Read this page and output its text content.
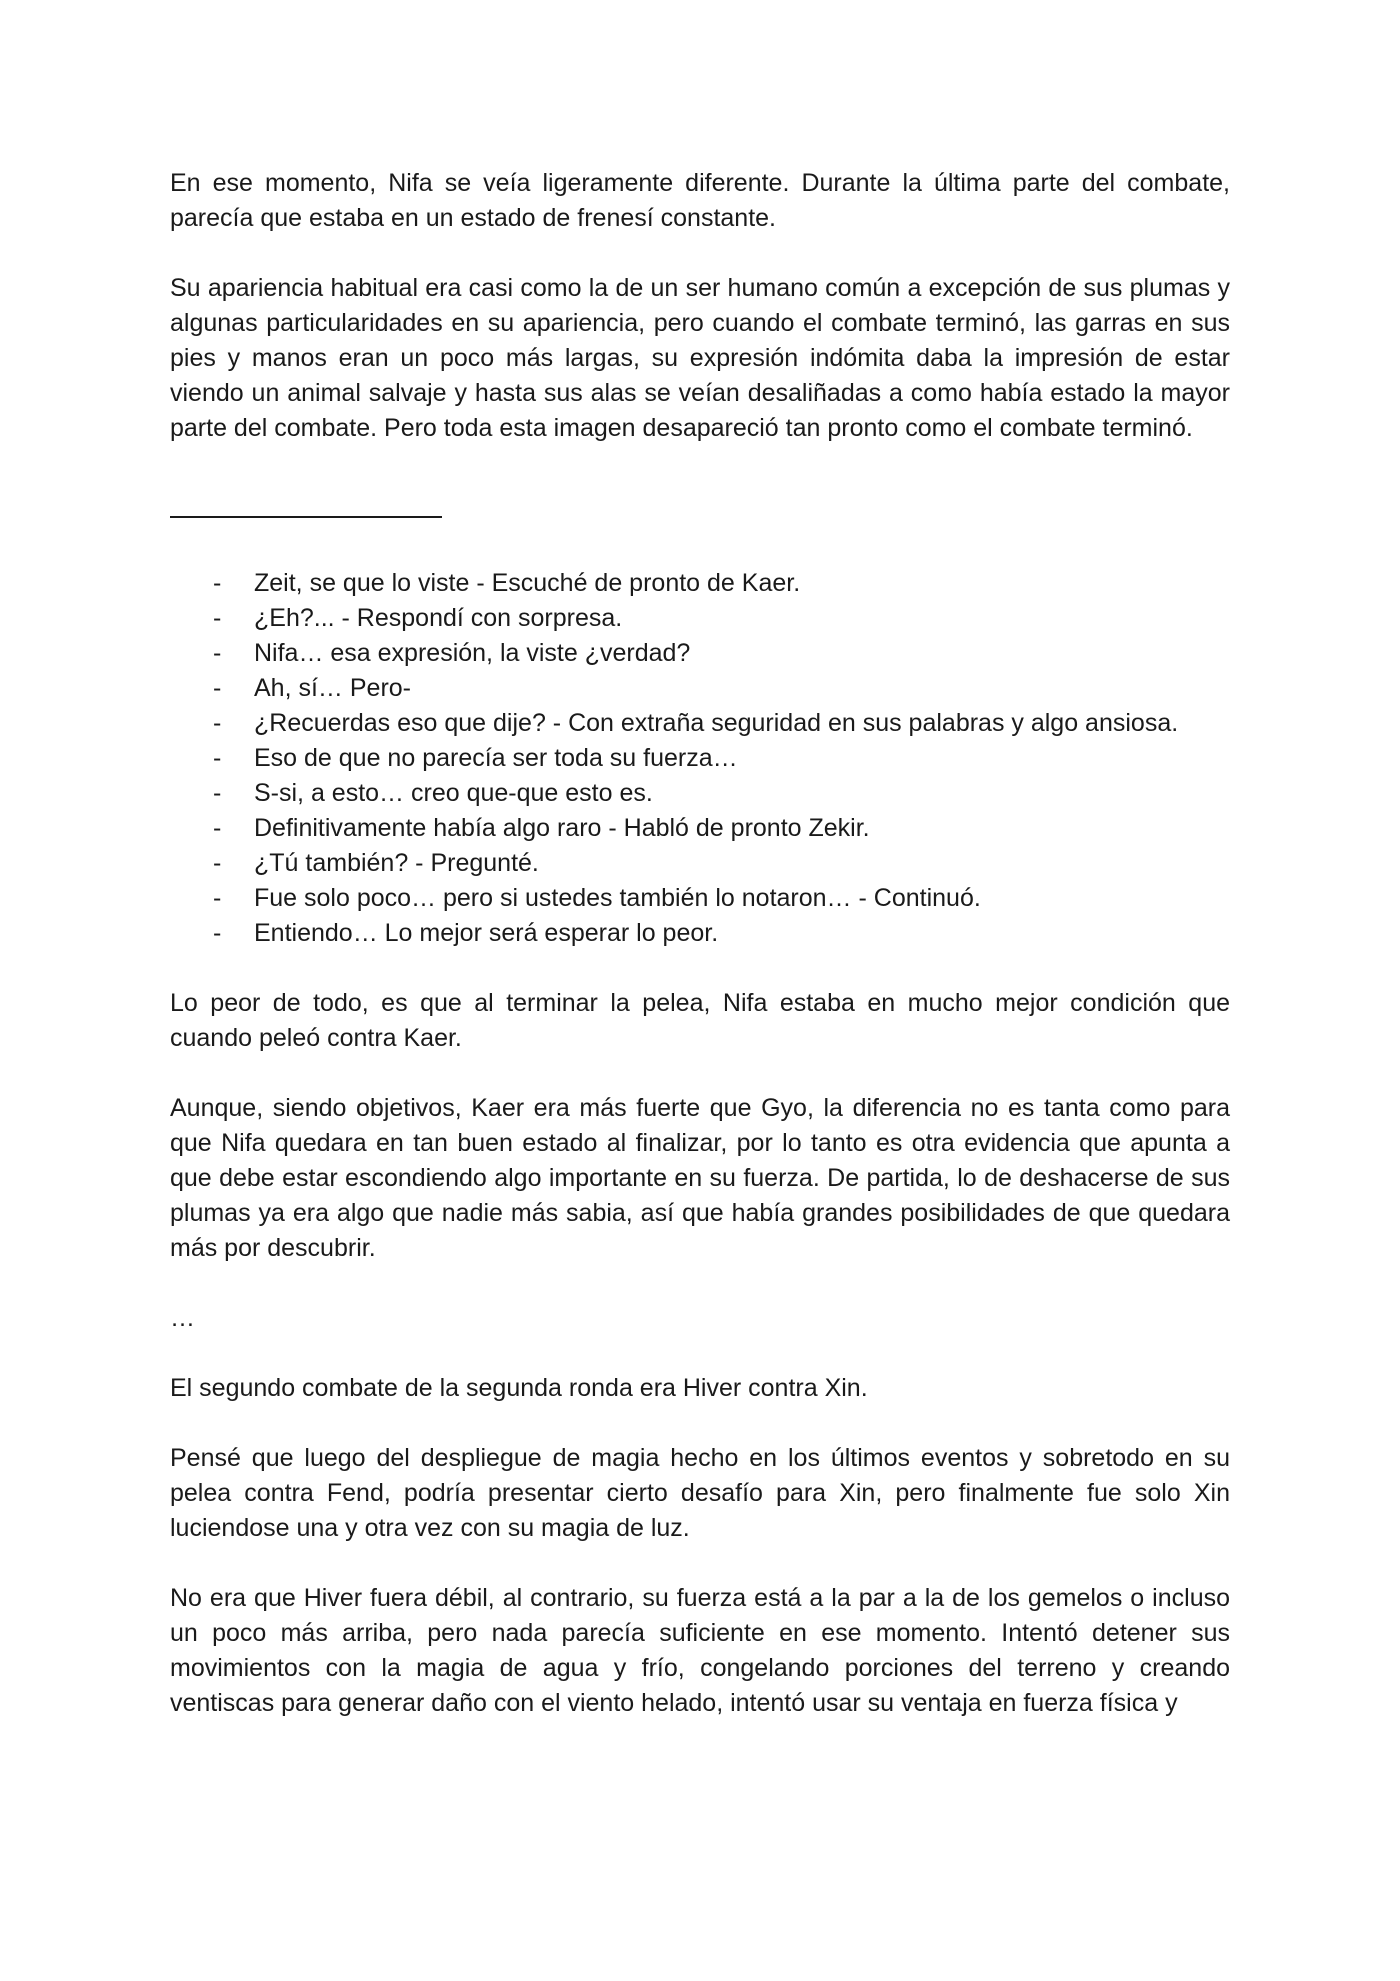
En ese momento, Nifa se veía ligeramente diferente. Durante la última parte del combate, parecía que estaba en un estado de frenesí constante.

Su apariencia habitual era casi como la de un ser humano común a excepción de sus plumas y algunas particularidades en su apariencia, pero cuando el combate terminó, las garras en sus pies y manos eran un poco más largas, su expresión indómita daba la impresión de estar viendo un animal salvaje y hasta sus alas se veían desaliñadas a como había estado la mayor parte del combate. Pero toda esta imagen desapareció tan pronto como el combate terminó.

- Zeit, se que lo viste - Escuché de pronto de Kaer.
- ¿Eh?... - Respondí con sorpresa.
- Nifa… esa expresión, la viste ¿verdad?
- Ah, sí… Pero-
- ¿Recuerdas eso que dije? - Con extraña seguridad en sus palabras y algo ansiosa.
- Eso de que no parecía ser toda su fuerza…
- S-si, a esto… creo que-que esto es.
- Definitivamente había algo raro - Habló de pronto Zekir.
- ¿Tú también? - Pregunté.
- Fue solo poco… pero si ustedes también lo notaron… - Continuó.
- Entiendo… Lo mejor será esperar lo peor.

Lo peor de todo, es que al terminar la pelea, Nifa estaba en mucho mejor condición que cuando peleó contra Kaer.

Aunque, siendo objetivos, Kaer era más fuerte que Gyo, la diferencia no es tanta como para que Nifa quedara en tan buen estado al finalizar, por lo tanto es otra evidencia que apunta a que debe estar escondiendo algo importante en su fuerza. De partida, lo de deshacerse de sus plumas ya era algo que nadie más sabia, así que había grandes posibilidades de que quedara más por descubrir.

…

El segundo combate de la segunda ronda era Hiver contra Xin.

Pensé que luego del despliegue de magia hecho en los últimos eventos y sobretodo en su pelea contra Fend, podría presentar cierto desafío para Xin, pero finalmente fue solo Xin luciendose una y otra vez con su magia de luz.

No era que Hiver fuera débil, al contrario, su fuerza está a la par a la de los gemelos o incluso un poco más arriba, pero nada parecía suficiente en ese momento. Intentó detener sus movimientos con la magia de agua y frío, congelando porciones del terreno y creando ventiscas para generar daño con el viento helado, intentó usar su ventaja en fuerza física y
